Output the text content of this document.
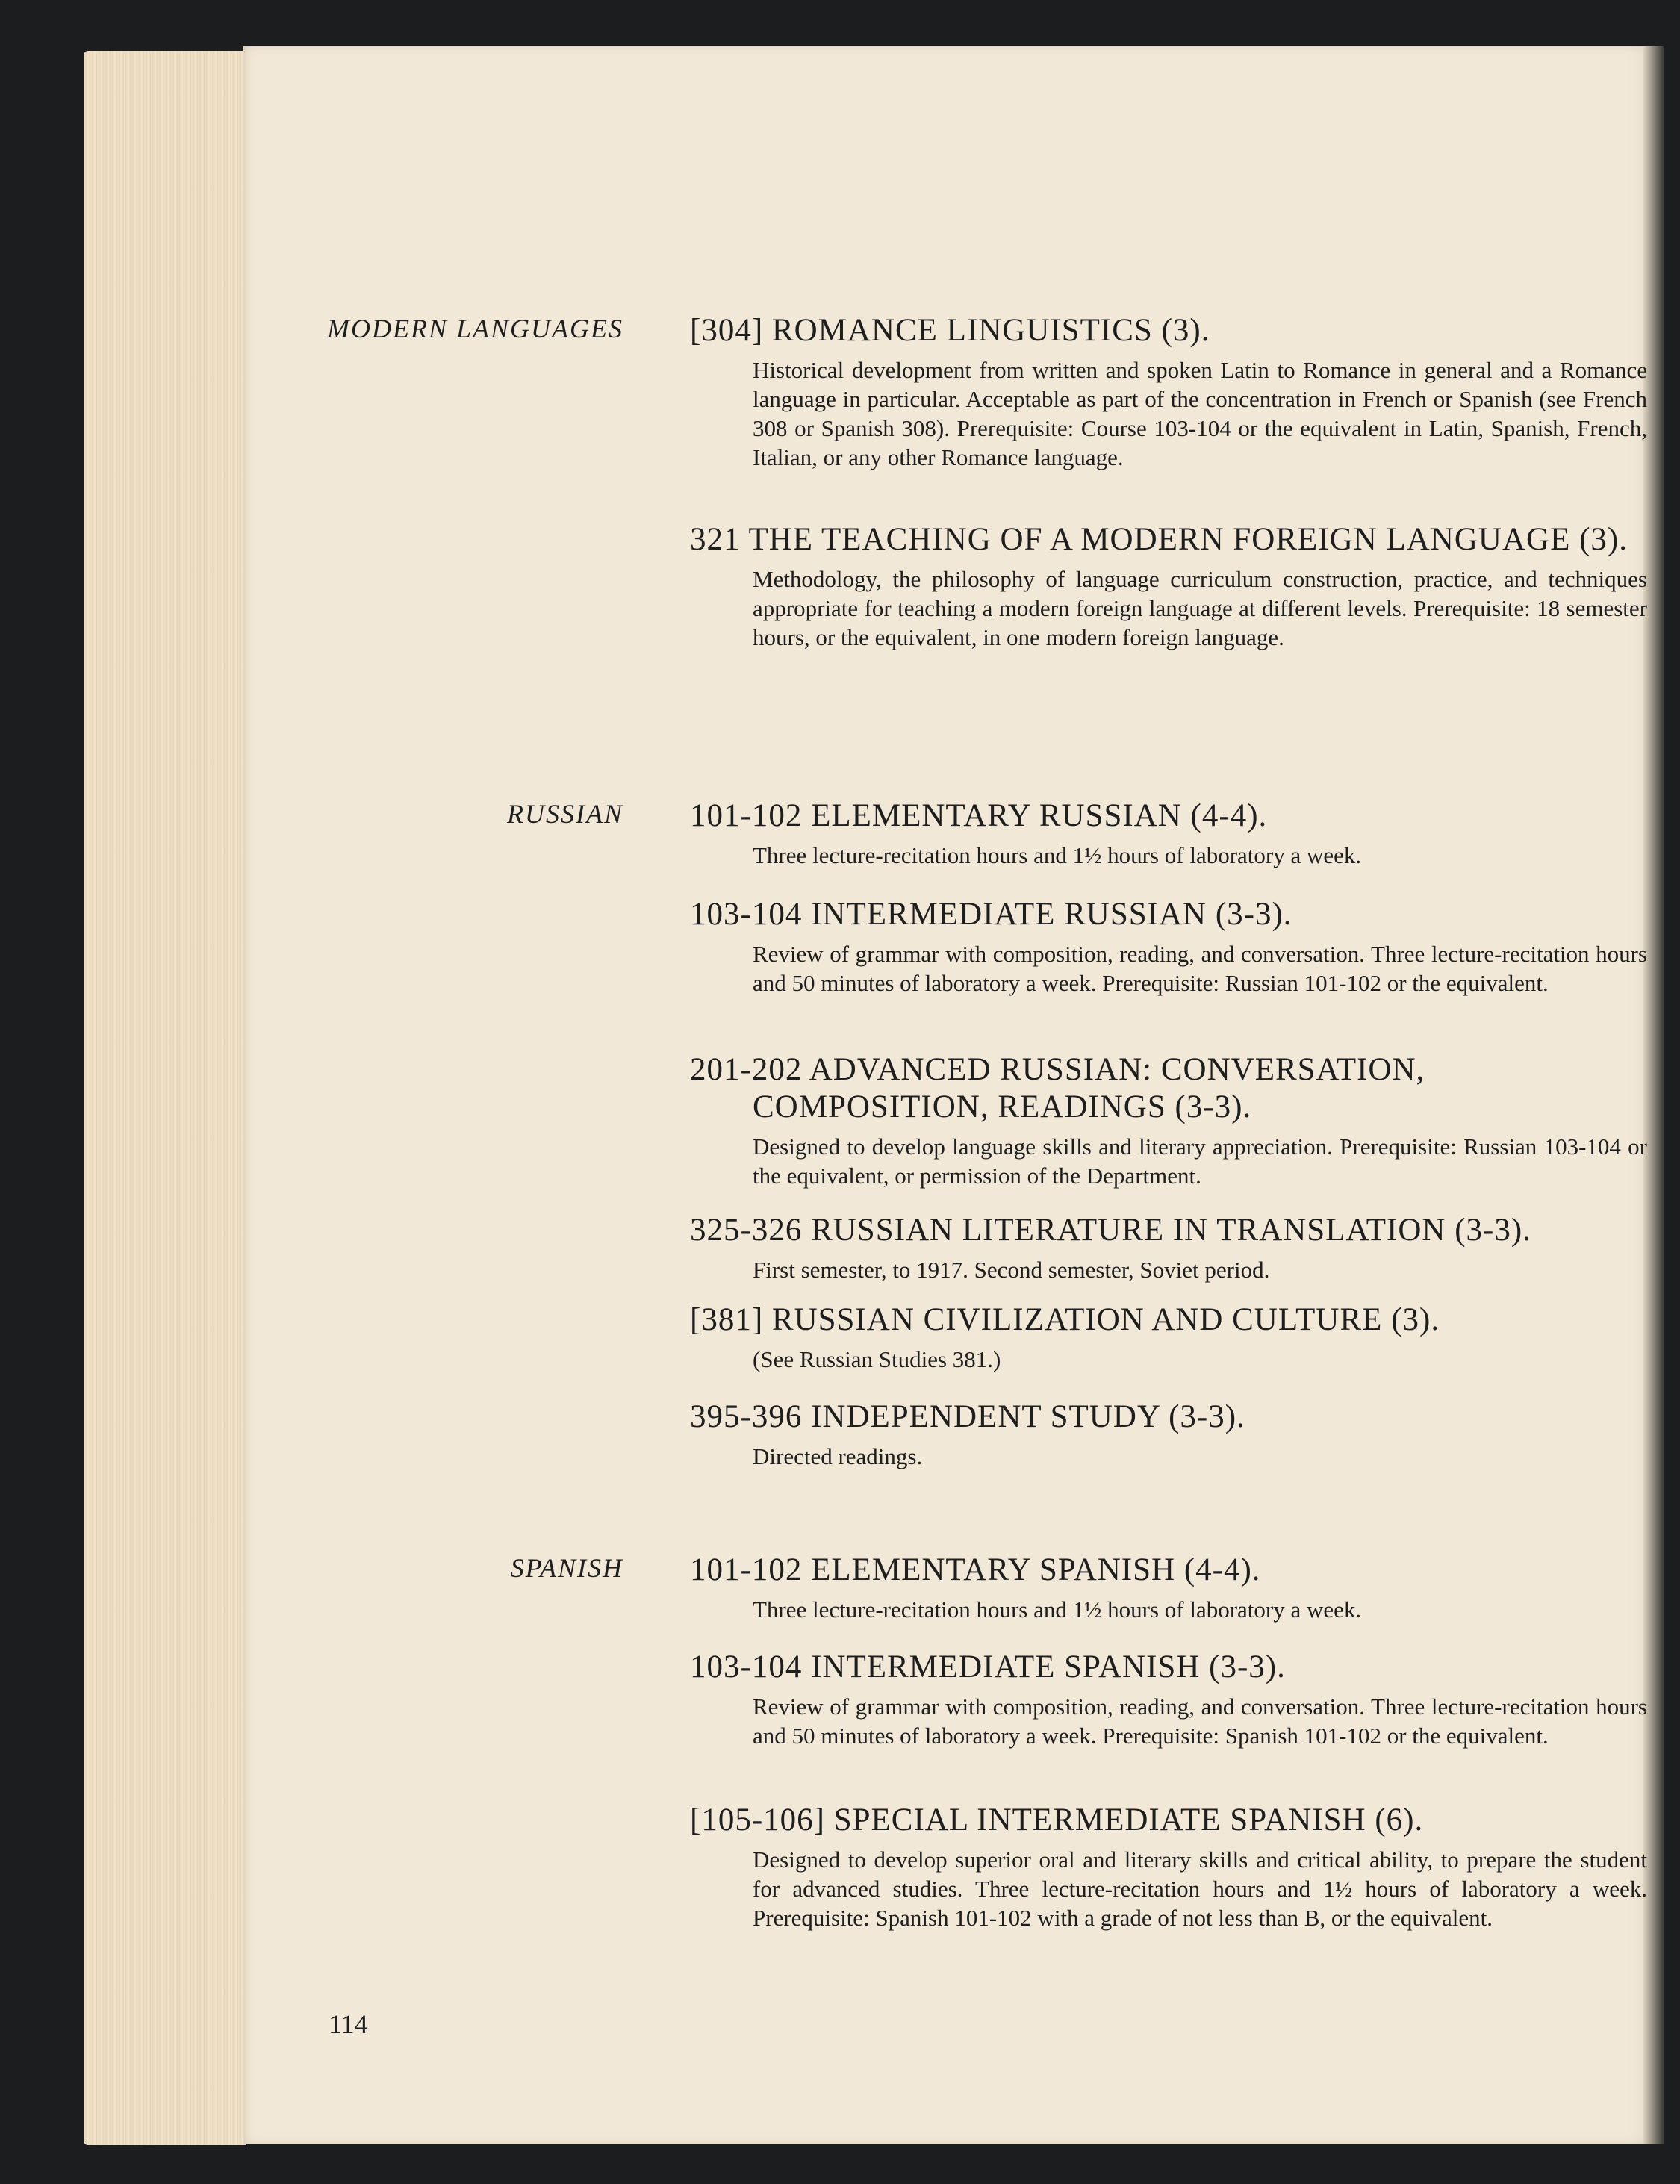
MODERN LANGUAGES [304] ROMANCE LINGUISTICS (3).
Historical development from written and spoken Latin to Romance in general and a Romance language in particular. Acceptable as part of the concentration in French or Spanish (see French 308 or Spanish 308). Prerequisite: Course 103-104 or the equivalent in Latin, Spanish, French, Italian, or any other Romance language.
321 THE TEACHING OF A MODERN FOREIGN LANGUAGE (3).
Methodology, the philosophy of language curriculum construction, practice, and techniques appropriate for teaching a modern foreign language at different levels. Prerequisite: 18 semester hours, or the equivalent, in one modern foreign language.
RUSSIAN 101-102 ELEMENTARY RUSSIAN (4-4).
Three lecture-recitation hours and 1½ hours of laboratory a week.
103-104 INTERMEDIATE RUSSIAN (3-3).
Review of grammar with composition, reading, and conversation. Three lecture-recitation hours and 50 minutes of laboratory a week. Prerequisite: Russian 101-102 or the equivalent.
201-202 ADVANCED RUSSIAN: CONVERSATION, COMPOSITION, READINGS (3-3).
Designed to develop language skills and literary appreciation. Prerequisite: Russian 103-104 or the equivalent, or permission of the Department.
325-326 RUSSIAN LITERATURE IN TRANSLATION (3-3).
First semester, to 1917. Second semester, Soviet period.
[381] RUSSIAN CIVILIZATION AND CULTURE (3).
(See Russian Studies 381.)
395-396 INDEPENDENT STUDY (3-3).
Directed readings.
SPANISH 101-102 ELEMENTARY SPANISH (4-4).
Three lecture-recitation hours and 1½ hours of laboratory a week.
103-104 INTERMEDIATE SPANISH (3-3).
Review of grammar with composition, reading, and conversation. Three lecture-recitation hours and 50 minutes of laboratory a week. Prerequisite: Spanish 101-102 or the equivalent.
[105-106] SPECIAL INTERMEDIATE SPANISH (6).
Designed to develop superior oral and literary skills and critical ability, to prepare the student for advanced studies. Three lecture-recitation hours and 1½ hours of laboratory a week. Prerequisite: Spanish 101-102 with a grade of not less than B, or the equivalent.
114
